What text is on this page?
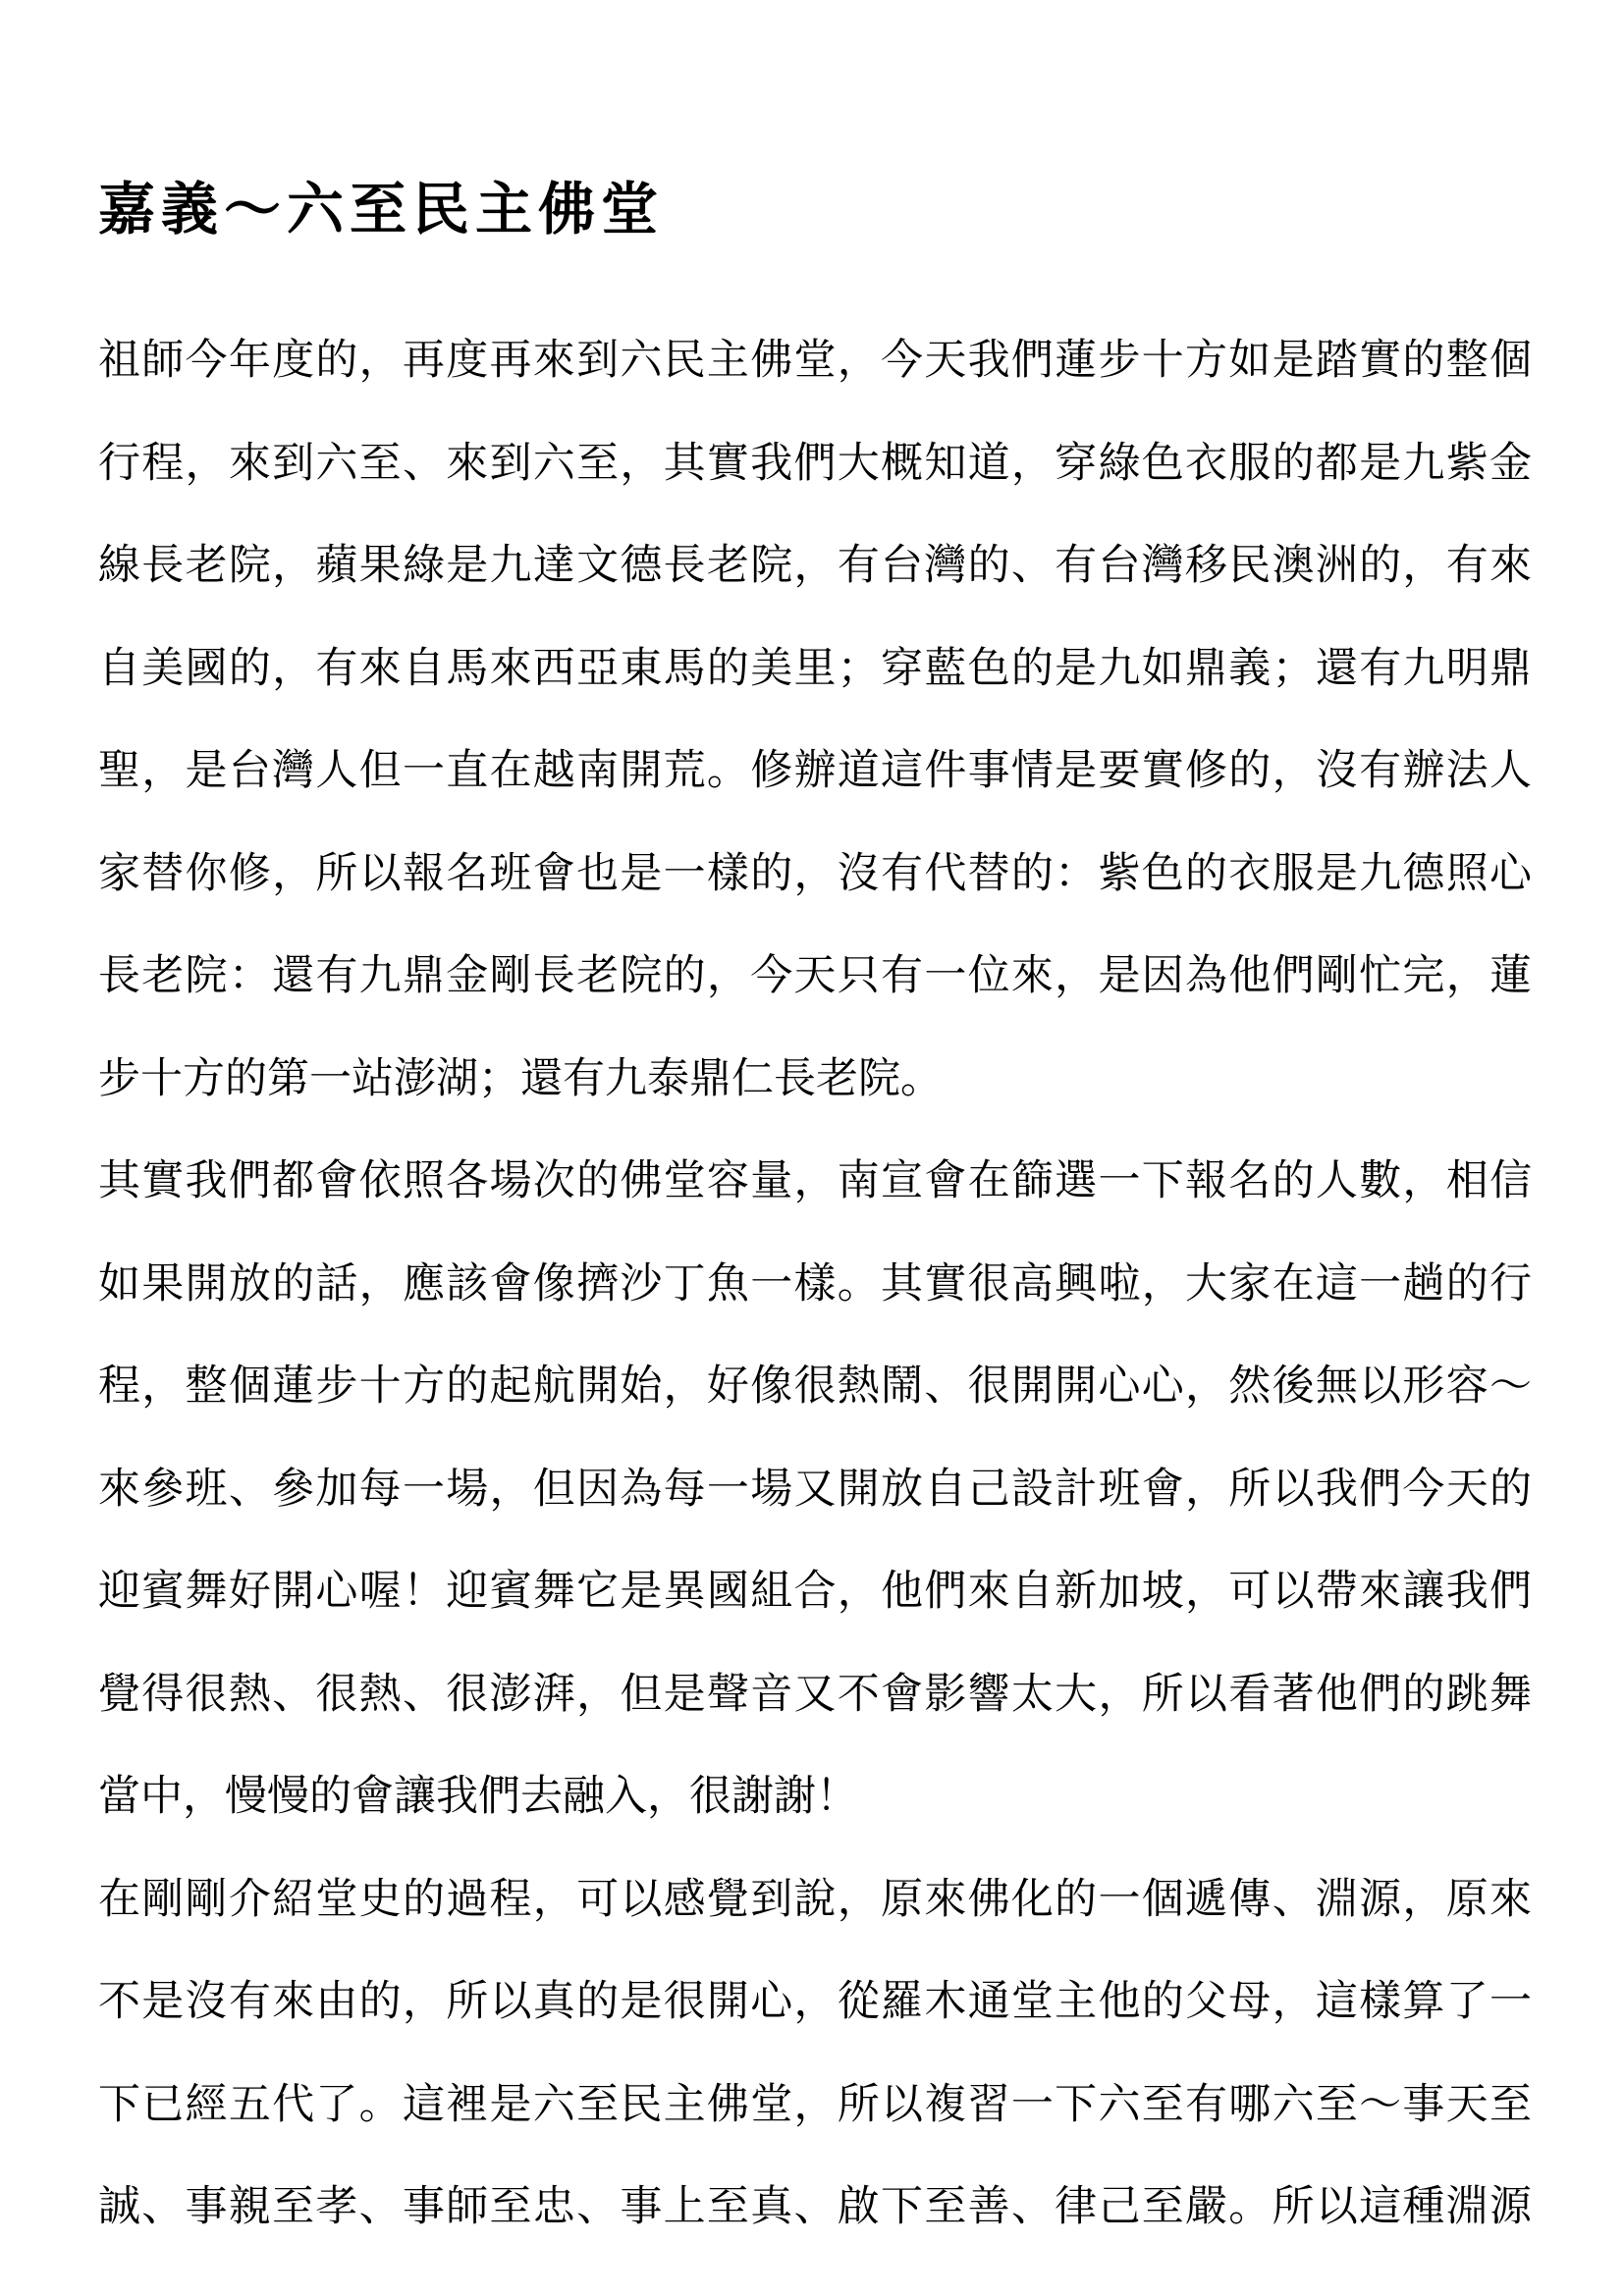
嘉義～六至民主佛堂
祖師今年度的，再度再來到六民主佛堂，今天我們蓮步十方如是踏實的整個
行程，來到六至、來到六至，其實我們大概知道，穿綠色衣服的都是九紫金
線長老院，蘋果綠是九達文德長老院，有台灣的、有台灣移民澳洲的，有來
自美國的，有來自馬來西亞東馬的美里；穿藍色的是九如鼎義；還有九明鼎
聖，是台灣人但一直在越南開荒。修辦道這件事情是要實修的，沒有辦法人
家替你修，所以報名班會也是一樣的，沒有代替的：紫色的衣服是九德照心
長老院：還有九鼎金剛長老院的，今天只有一位來，是因為他們剛忙完，蓮
步十方的第一站澎湖；還有九泰鼎仁長老院。
其實我們都會依照各場次的佛堂容量，南宣會在篩選一下報名的人數，相信
如果開放的話，應該會像擠沙丁魚一樣。其實很高興啦，大家在這一趟的行
程，整個蓮步十方的起航開始，好像很熱鬧、很開開心心，然後無以形容～
來參班、參加每一場，但因為每一場又開放自己設計班會，所以我們今天的
迎賓舞好開心喔！迎賓舞它是異國組合，他們來自新加坡，可以帶來讓我們
覺得很熱、很熱、很澎湃，但是聲音又不會影響太大，所以看著他們的跳舞
當中，慢慢的會讓我們去融入，很謝謝！
在剛剛介紹堂史的過程，可以感覺到說，原來佛化的一個遞傳、淵源，原來
不是沒有來由的，所以真的是很開心，從羅木通堂主他的父母，這樣算了一
下已經五代了。這裡是六至民主佛堂，所以複習一下六至有哪六至～事天至
誠、事親至孝、事師至忠、事上至真、啟下至善、律己至嚴。所以這種淵源
